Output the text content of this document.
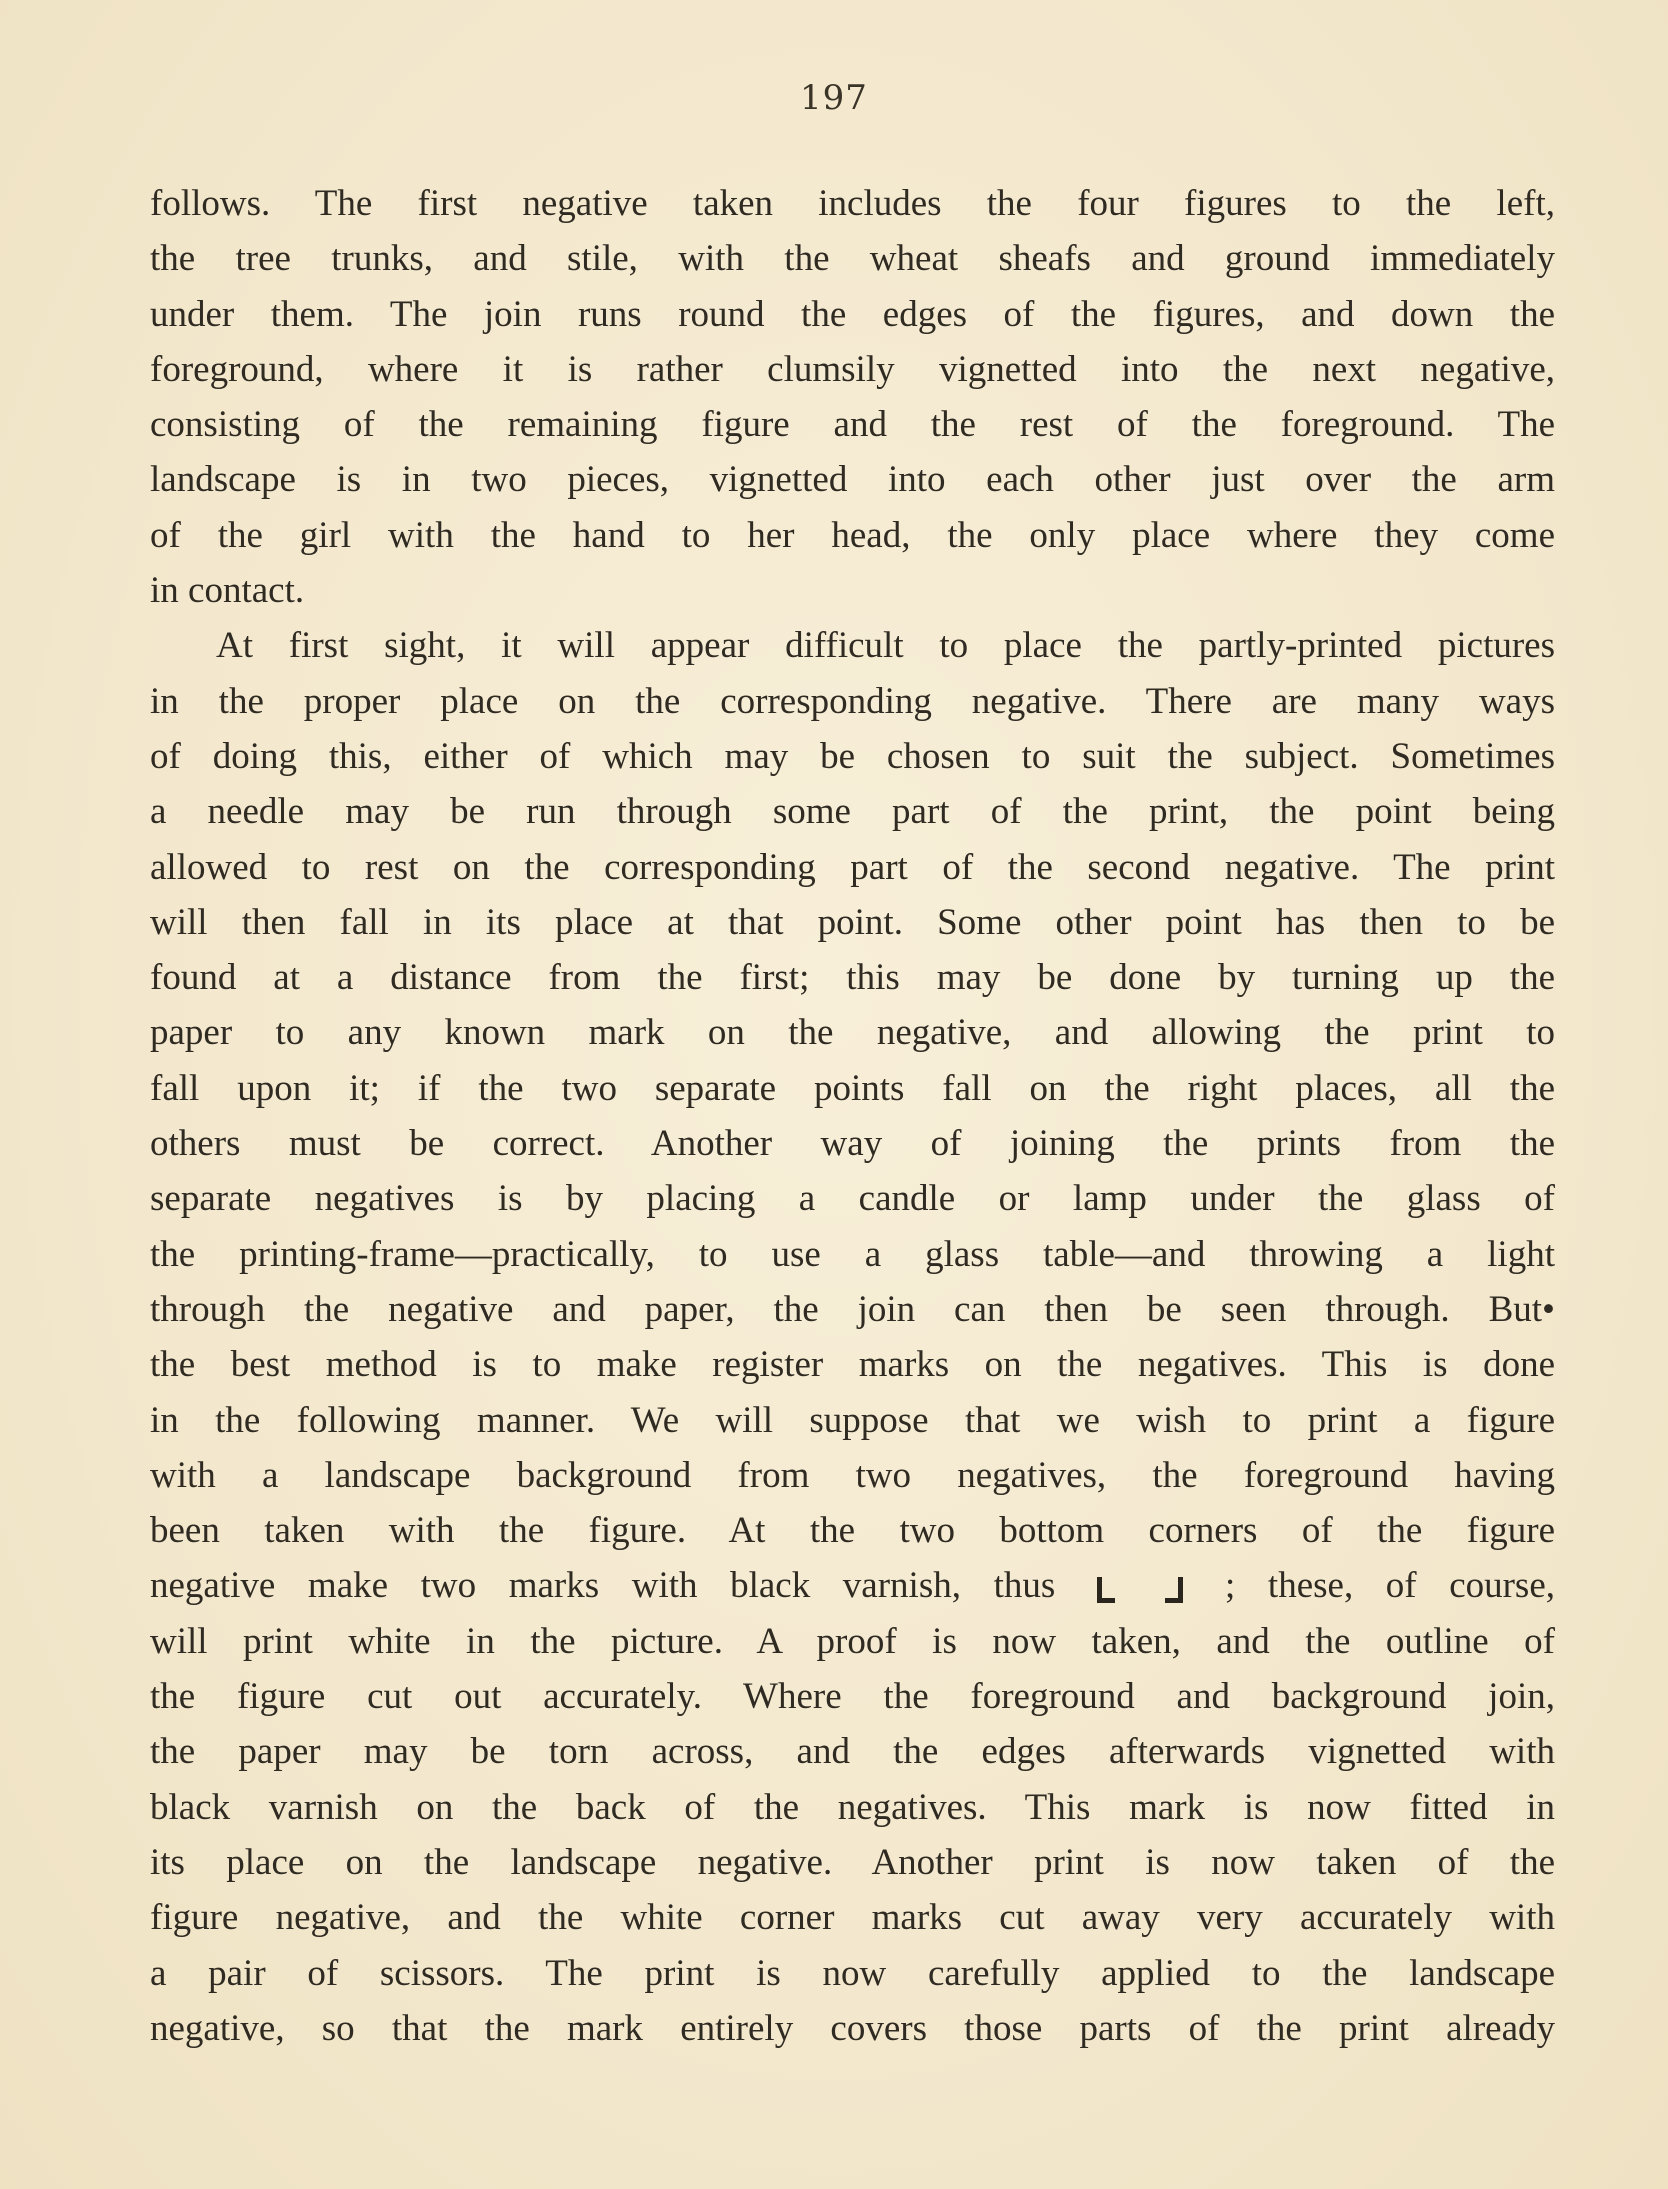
197
follows. The first negative taken includes the four figures to the left,
the tree trunks, and stile, with the wheat sheafs and ground immediately
under them. The join runs round the edges of the figures, and down the
foreground, where it is rather clumsily vignetted into the next negative,
consisting of the remaining figure and the rest of the foreground. The
landscape is in two pieces, vignetted into each other just over the arm
of the girl with the hand to her head, the only place where they come
in contact.
At first sight, it will appear difficult to place the partly-printed pictures
in the proper place on the corresponding negative. There are many ways
of doing this, either of which may be chosen to suit the subject. Sometimes
a needle may be run through some part of the print, the point being
allowed to rest on the corresponding part of the second negative. The print
will then fall in its place at that point. Some other point has then to be
found at a distance from the first; this may be done by turning up the
paper to any known mark on the negative, and allowing the print to
fall upon it; if the two separate points fall on the right places, all the
others must be correct. Another way of joining the prints from the
separate negatives is by placing a candle or lamp under the glass of
the printing-frame—practically, to use a glass table—and throwing a light
through the negative and paper, the join can then be seen through. But•
the best method is to make register marks on the negatives. This is done
in the following manner. We will suppose that we wish to print a figure
with a landscape background from two negatives, the foreground having
been taken with the figure. At the two bottom corners of the figure
negative make two marks with black varnish, thus
	; these, of course,
will print white in the picture. A proof is now taken, and the outline of
the figure cut out accurately. Where the foreground and background join,
the paper may be torn across, and the edges afterwards vignetted with
black varnish on the back of the negatives. This mark is now fitted in
its place on the landscape negative. Another print is now taken of the
figure negative, and the white corner marks cut away very accurately with
a pair of scissors. The print is now carefully applied to the landscape
negative, so that the mark entirely covers those parts of the print already
